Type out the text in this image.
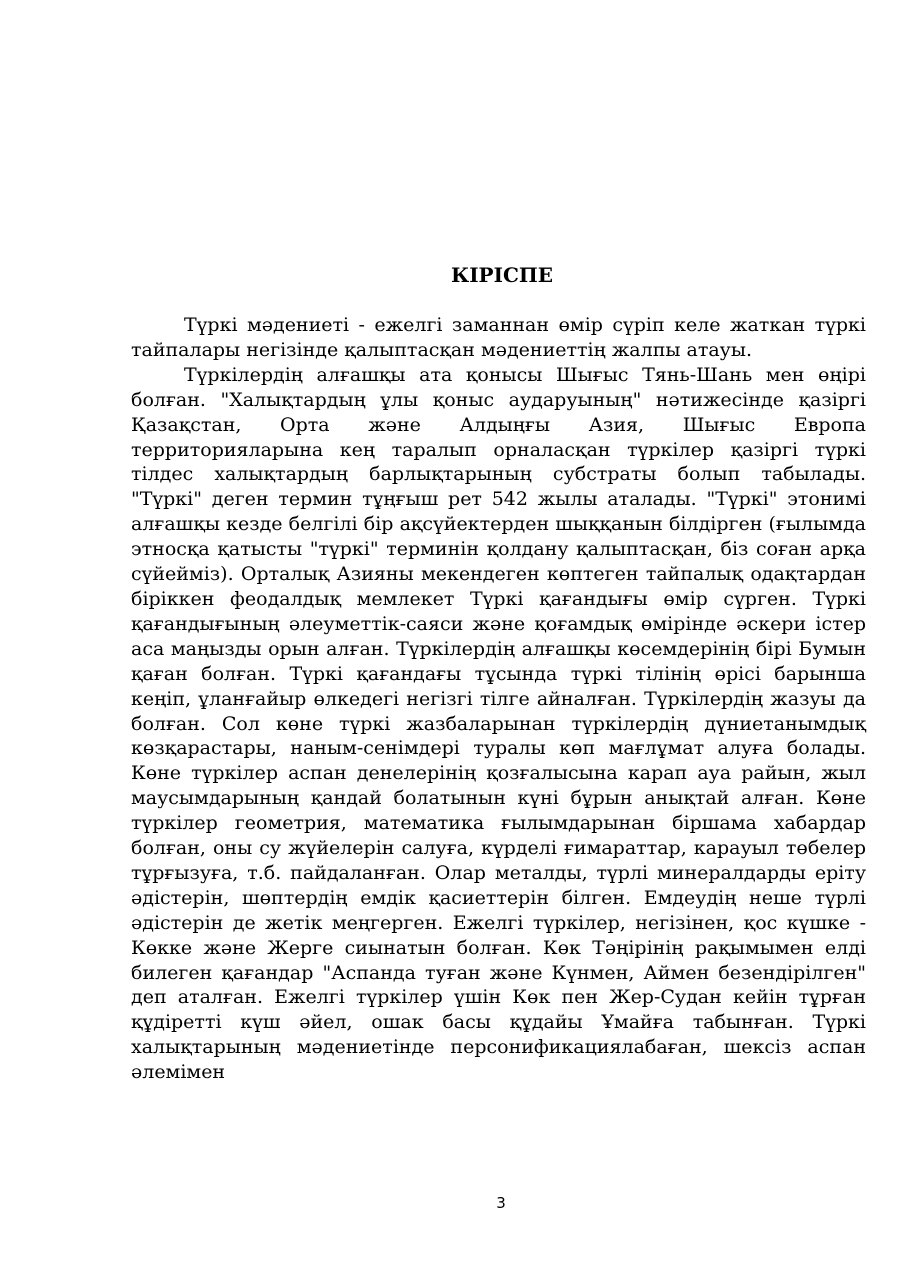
КІРІСПЕ

Түркі мәдениеті - ежелгі заманнан өмір сүріп келе жаткан түркі тайпалары негізінде қалыптасқан мәдениеттің жалпы атауы.

Түркілердің алғашқы ата қонысы Шығыс Тянь-Шань мен өңірі болған. "Халықтардың ұлы қоныс аударуының" нәтижесінде қазіргі Қазақстан, Орта және Алдыңғы Азия, Шығыс Европа территорияларына кең таралып орналасқан түркілер қазіргі түркі тілдес халықтардың барлықтарының субстраты болып табылады. "Түркі" деген термин тұңғыш рет 542 жылы аталады. "Түркі" этонимі алғашқы кезде белгілі бір ақсүйектерден шыққанын білдірген (ғылымда этносқа қатысты "түркі" терминін қолдану қалыптасқан, біз соған арқа сүйейміз). Орталық Азияны мекендеген көптеген тайпалық одақтардан біріккен феодалдық мемлекет Түркі қағандығы өмір сүрген. Түркі қағандығының әлеуметтік-саяси және қоғамдық өмірінде әскери істер аса маңызды орын алған. Түркілердің алғашқы көсемдерінің бірі Бумын қаған болған. Түркі қағандағы тұсында түркі тілінің өрісі барынша кеңіп, ұланғайыр өлкедегі негізгі тілге айналған. Түркілердің жазуы да болған. Сол көне түркі жазбаларынан түркілердің дүниетанымдық көзқарастары, наным-сенімдері туралы көп мағлұмат алуға болады. Көне түркілер аспан денелерінің қозғалысына карап ауа райын, жыл маусымдарының қандай болатынын күні бұрын анықтай алған. Көне түркілер геометрия, математика ғылымдарынан біршама хабардар болған, оны су жүйелерін салуға, күрделі ғимараттар, карауыл төбелер тұрғызуға, т.б. пайдаланған. Олар металды, түрлі минералдарды еріту әдістерін, шөптердің емдік қасиеттерін білген. Емдеудің неше түрлі әдістерін де жетік меңгерген. Ежелгі түркілер, негізінен, қос күшке - Көкке және Жерге сиынатын болған. Көк Тәңірінің рақымымен елді билеген қағандар "Аспанда туған және Күнмен, Аймен безендірілген" деп аталған. Ежелгі түркілер үшін Көк пен Жер-Судан кейін тұрған құдіретті күш әйел, ошак басы құдайы Ұмайға табынған. Түркі халықтарының мәдениетінде персонификациялабаған, шексіз аспан әлемімен

3
